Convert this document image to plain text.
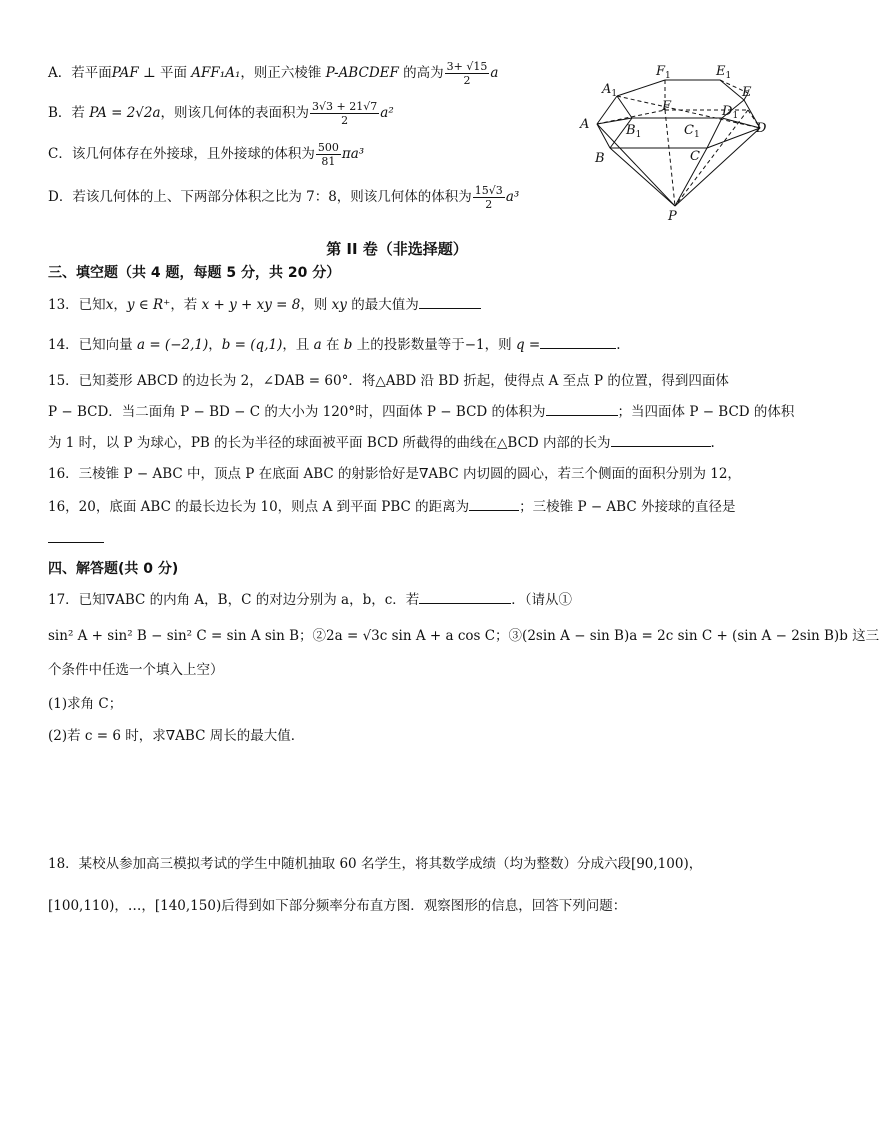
A．若平面PAF ⊥ 平面 AFF₁A₁，则正六棱锥 P-ABCDEF 的高为 $\frac{3+ √15}{2}$ a
B．若 PA = 2√2a，则该几何体的表面积为 $\frac{3√3 + 21√7}{2} a^2$
C．该几何体存在外接球，且外接球的体积为 $\frac{500}{81} \pi a^3$
D．若该几何体的上、下两部分体积之比为 7：8，则该几何体的体积为 $\frac{15√3}{2} a^3$
$F_1$	$E_1$
$A_1$
F
E
$D_1$
A	$B_1$	$C_1$	D
B	C
P
第 II 卷（非选择题）
三、填空题（共 4 题，每题 5 分，共 20 分）
13．已知x，y ∈ R⁺，若 x + y + xy = 8，则 xy 的最大值为
14．已知向量 a = (−2,1)，b = (q,1)，且 a 在 b 上的投影数量等于−1，则 q =	.
15．已知菱形 ABCD 的边长为 2，∠DAB = 60°．将△ABD 沿 BD 折起，使得点 A 至点 P 的位置，得到四面体
P − BCD．当二面角 P − BD − C 的大小为 120°时，四面体 P − BCD 的体积为	；当四面体 P − BCD 的体积
为 1 时，以 P 为球心，PB 的长为半径的球面被平面 BCD 所截得的曲线在△BCD 内部的长为	.
16．三棱锥 P − ABC 中，顶点 P 在底面 ABC 的射影恰好是∇ABC 内切圆的圆心，若三个侧面的面积分别为 12，
16，20，底面 ABC 的最长边长为 10，则点 A 到平面 PBC 的距离为	；三棱锥 P − ABC 外接球的直径是
四、解答题(共 0 分)
17．已知∇ABC 的内角 A，B，C 的对边分别为 a，b，c．若	．（请从①
sin² A + sin² B − sin² C = sin A sin B；②2a = √3c sin A + a cos C；③(2sin A − sin B)a = 2c sin C + (sin A − 2sin B)b 这三
个条件中任选一个填入上空）
(1)求角 C；
(2)若 c = 6 时，求∇ABC 周长的最大值．
18．某校从参加高三模拟考试的学生中随机抽取 60 名学生，将其数学成绩（均为整数）分成六段[90,100)，
[100,110)，…，[140,150)后得到如下部分频率分布直方图．观察图形的信息，回答下列问题：
